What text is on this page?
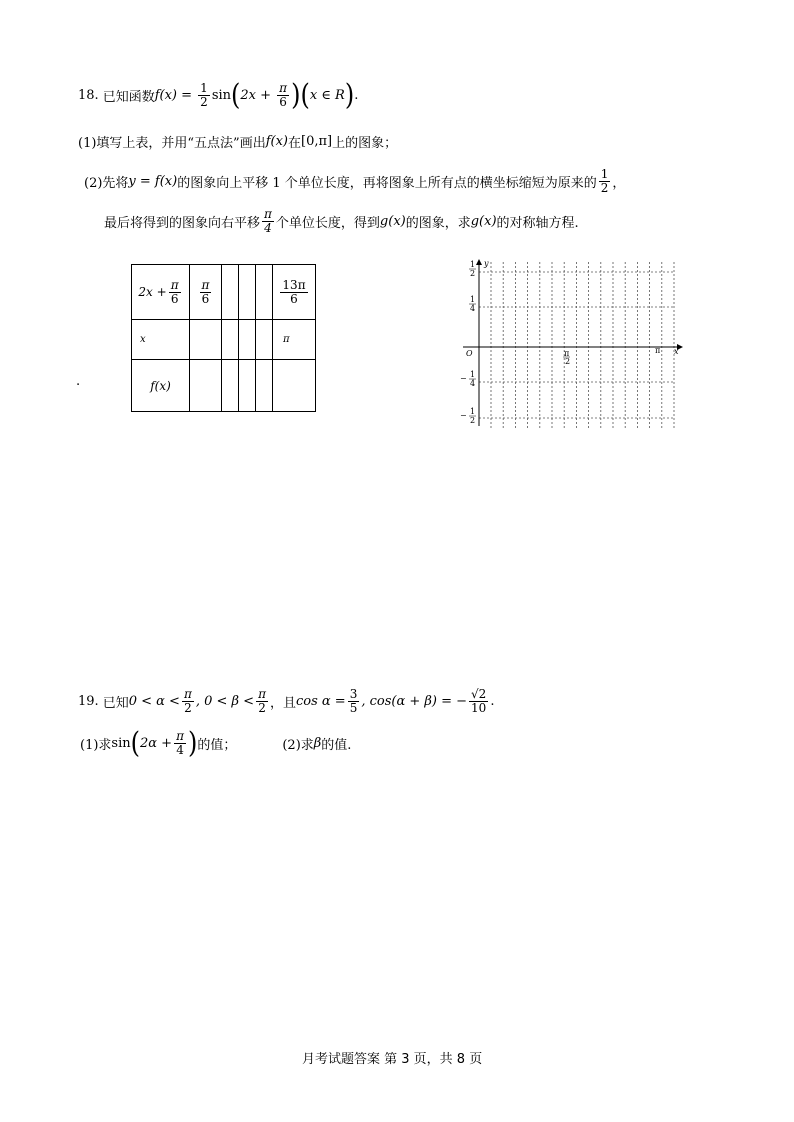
18. 已知函数 $f(x) = \frac{1}{2}$ sin ( $2x + \frac{\pi}{6}$ ) ( x ∈ R ) .
(1)填写上表，并用“五点法”画出 f(x) 在 [0,π] 上的图象；
(2)先将 y = f(x) 的图象向上平移 1 个单位长度，再将图象上所有点的横坐标缩短为原来的 $\frac{1}{2}$ ，
最后将得到的图象向右平移 $\frac{\pi}{4}$ 个单位长度，得到 g(x) 的图象，求 g(x) 的对称轴方程.
.
$2x + \frac{\pi}{6}$	$\frac{\pi}{6}$				$\frac{13\pi}{6}$

x					π
f(x)					
y
x
O	π
2
π
1
2
1
4
− 1
4
− 1
2
19. 已知 $0 < \alpha < \frac{\pi}{2}$ , $0 < \beta < \frac{\pi}{2}$ ，且 $\cos \alpha = \frac{3}{5}$ , cos(α + β) = − $\frac{√2}{10}$ .
(1)求 sin ( $2\alpha + \frac{\pi}{4}$ ) 的值；	(2)求 β 的值.
月考试题答案 第 3 页，共 8 页
